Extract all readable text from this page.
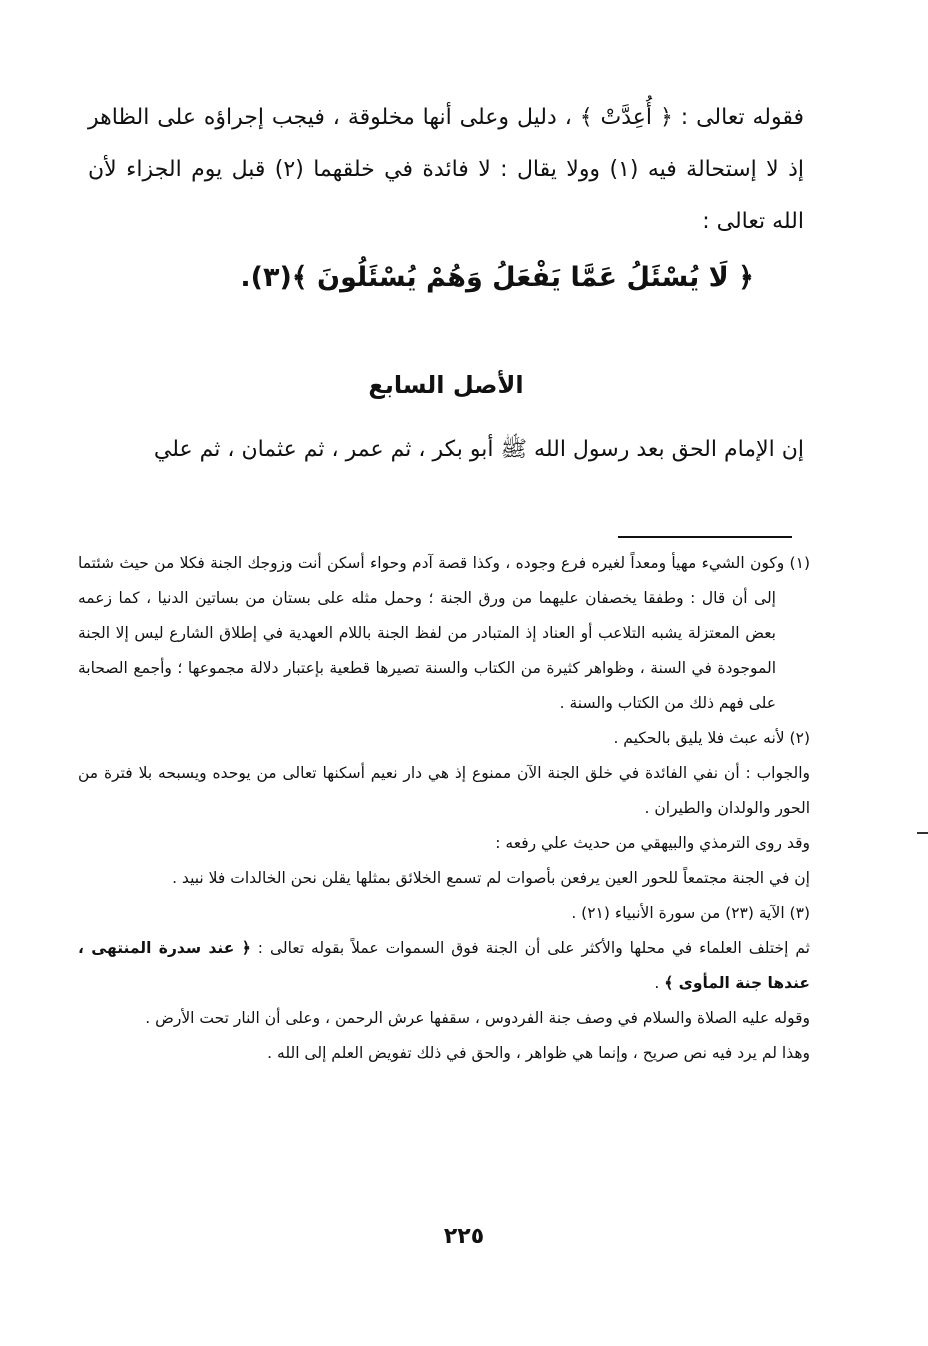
فقوله تعالى : ﴿ أُعِدَّتْ ﴾ ، دليل وعلى أنها مخلوقة ، فيجب إجراؤه على الظاهر إذ لا إستحالة فيه (١) وولا يقال : لا فائدة في خلقهما (٢) قبل يوم الجزاء لأن الله تعالى :

﴿ لَا يُسْئَلُ عَمَّا يَفْعَلُ وَهُمْ يُسْئَلُونَ ﴾(٣).

الأصل السابع

إن الإمام الحق بعد رسول الله ﷺ أبو بكر ، ثم عمر ، ثم عثمان ، ثم علي

(١) وكون الشيء مهيأ ومعداً لغيره فرع وجوده ، وكذا قصة آدم وحواء أسكن أنت وزوجك الجنة فكلا من حيث شئتما إلى أن قال : وطفقا يخصفان عليهما من ورق الجنة ؛ وحمل مثله على بستان من بساتين الدنيا ، كما زعمه بعض المعتزلة يشبه التلاعب أو العناد إذ المتبادر من لفظ الجنة باللام العهدية في إطلاق الشارع ليس إلا الجنة الموجودة في السنة ، وظواهر كثيرة من الكتاب والسنة تصيرها قطعية بإعتبار دلالة مجموعها ؛ وأجمع الصحابة على فهم ذلك من الكتاب والسنة .

(٢) لأنه عبث فلا يليق بالحكيم .

والجواب : أن نفي الفائدة في خلق الجنة الآن ممنوع إذ هي دار نعيم أسكنها تعالى من يوحده ويسبحه بلا فترة من الحور والولدان والطيران .

وقد روى الترمذي والبيهقي من حديث علي رفعه :

إن في الجنة مجتمعاً للحور العين يرفعن بأصوات لم تسمع الخلائق بمثلها يقلن نحن الخالدات فلا نبيد .

(٣) الآية (٢٣) من سورة الأنبياء (٢١) .

ثم إختلف العلماء في محلها والأكثر على أن الجنة فوق السموات عملاً بقوله تعالى : ﴿ عند سدرة المنتهى ، عندها جنة المأوى ﴾ .

وقوله عليه الصلاة والسلام في وصف جنة الفردوس ، سقفها عرش الرحمن ، وعلى أن النار تحت الأرض .

وهذا لم يرد فيه نص صريح ، وإنما هي ظواهر ، والحق في ذلك تفويض العلم إلى الله .

٢٢٥
